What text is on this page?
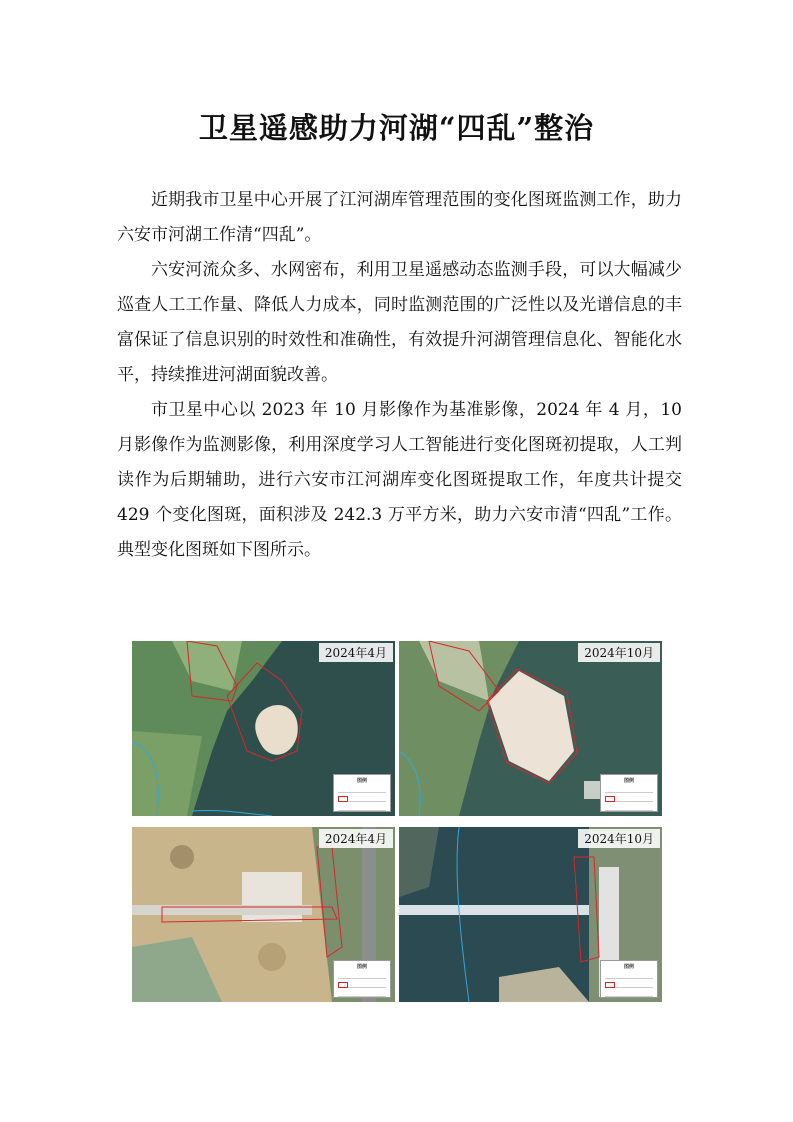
卫星遥感助力河湖“四乱”整治

近期我市卫星中心开展了江河湖库管理范围的变化图斑监测工作，助力六安市河湖工作清“四乱”。

六安河流众多、水网密布，利用卫星遥感动态监测手段，可以大幅减少巡查人工工作量、降低人力成本，同时监测范围的广泛性以及光谱信息的丰富保证了信息识别的时效性和准确性，有效提升河湖管理信息化、智能化水平，持续推进河湖面貌改善。

市卫星中心以 2023 年 10 月影像作为基准影像，2024 年 4 月，10 月影像作为监测影像，利用深度学习人工智能进行变化图斑初提取，人工判读作为后期辅助，进行六安市江河湖库变化图斑提取工作，年度共计提交 429 个变化图斑，面积涉及 242.3 万平方米，助力六安市清“四乱”工作。典型变化图斑如下图所示。

2024年4月
图例
2024年10月
图例
2024年4月
图例
2024年10月
图例
